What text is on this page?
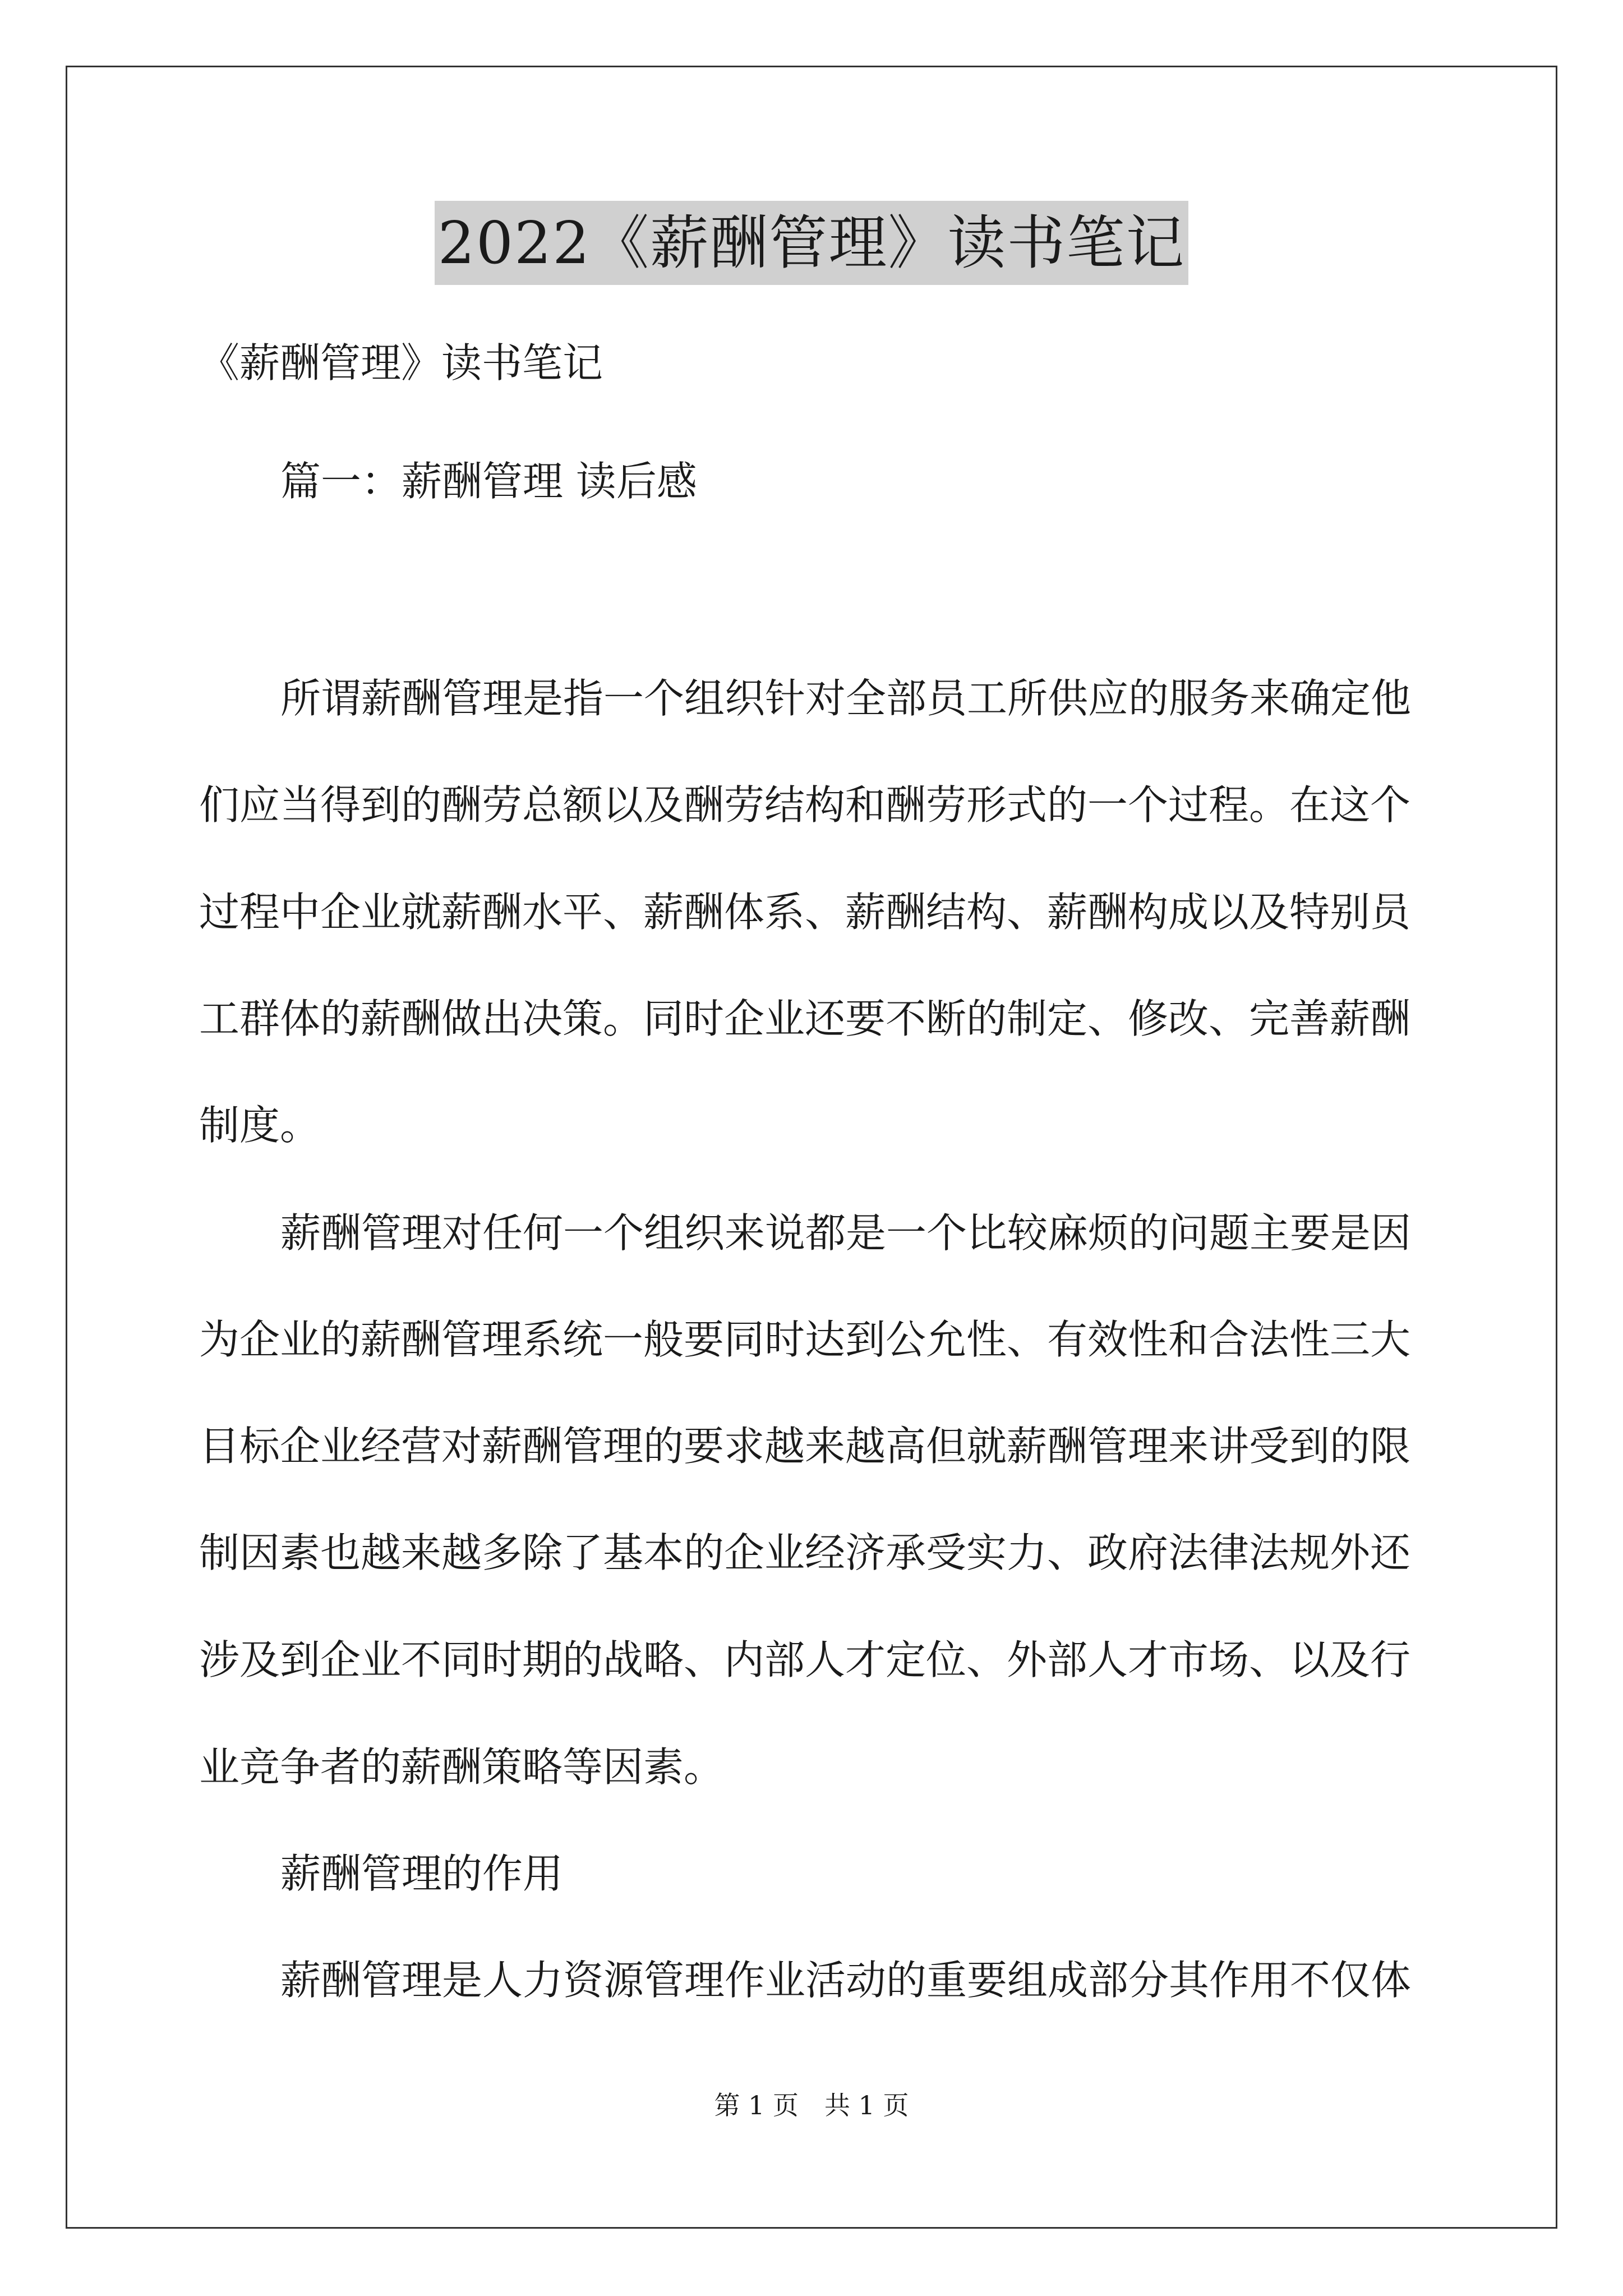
2022《薪酬管理》读书笔记
《薪酬管理》读书笔记
篇一：薪酬管理 读后感
所谓薪酬管理是指一个组织针对全部员工所供应的服务来确定他
们应当得到的酬劳总额以及酬劳结构和酬劳形式的一个过程。在这个
过程中企业就薪酬水平、薪酬体系、薪酬结构、薪酬构成以及特别员
工群体的薪酬做出决策。同时企业还要不断的制定、修改、完善薪酬
制度。
薪酬管理对任何一个组织来说都是一个比较麻烦的问题主要是因
为企业的薪酬管理系统一般要同时达到公允性、有效性和合法性三大
目标企业经营对薪酬管理的要求越来越高但就薪酬管理来讲受到的限
制因素也越来越多除了基本的企业经济承受实力、政府法律法规外还
涉及到企业不同时期的战略、内部人才定位、外部人才市场、以及行
业竞争者的薪酬策略等因素。
薪酬管理的作用
薪酬管理是人力资源管理作业活动的重要组成部分其作用不仅体
第 1 页　共 1 页
